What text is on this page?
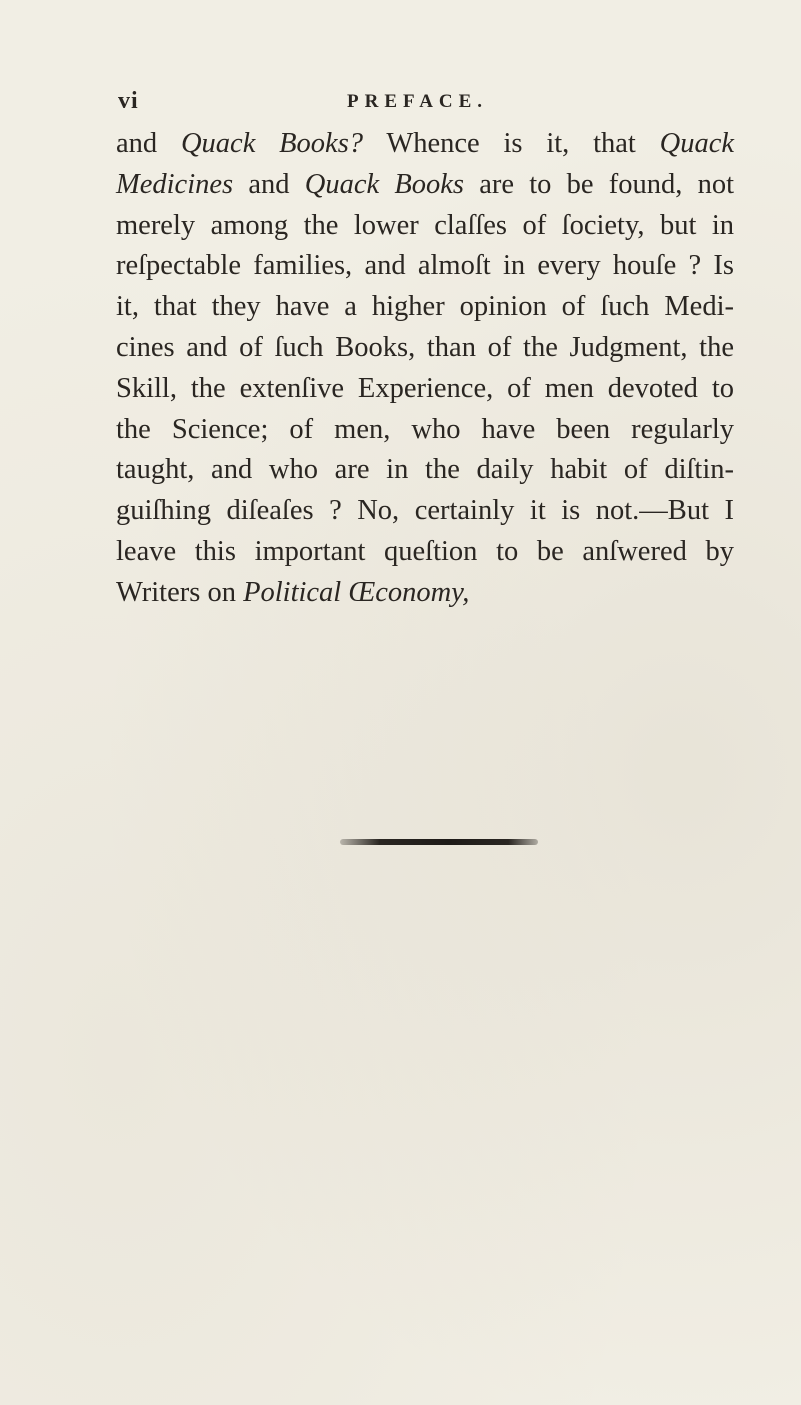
vi	PREFACE.
and Quack Books? Whence is it, that Quack
Medicines and Quack Books are to be found, not
merely among the lower claſſes of ſociety, but in
reſpectable families, and almoſt in every houſe ? Is
it, that they have a higher opinion of ſuch Medi-
cines and of ſuch Books, than of the Judgment, the
Skill, the extenſive Experience, of men devoted to
the Science; of men, who have been regularly
taught, and who are in the daily habit of diſtin-
guiſhing diſeaſes ? No, certainly it is not.—But I
leave this important queſtion to be anſwered by
Writers on Political Œconomy,
